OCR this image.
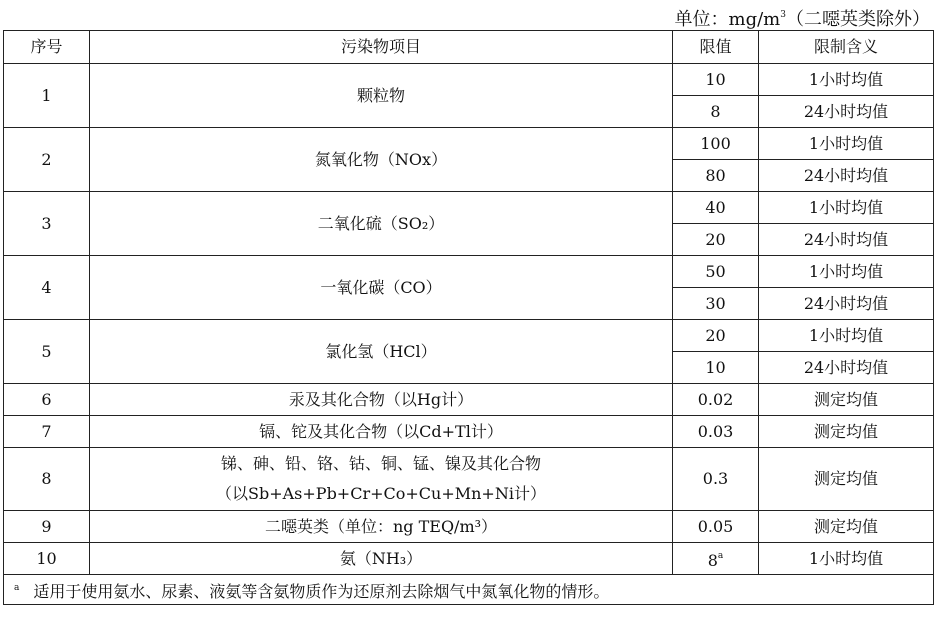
单位：$mg/m^3$（二噁英类除外）
序号	污染物项目	限值	限制含义
1	颗粒物	10	1小时均值
		8	24小时均值
2	氮氧化物（NOx）	100	1小时均值
		80	24小时均值
3	二氧化硫（SO₂）	40	1小时均值
		20	24小时均值
4	一氧化碳（CO）	50	1小时均值
		30	24小时均值
5	氯化氢（HCl）	20	1小时均值
		10	24小时均值
6	汞及其化合物（以Hg计）	0.02	测定均值
7	镉、铊及其化合物（以Cd+Tl计）	0.03	测定均值
8	锑、砷、铅、铬、钴、铜、锰、镍及其化合物
（以Sb+As+Pb+Cr+Co+Cu+Mn+Ni计）	0.3	测定均值
9	二噁英类（单位：ng TEQ/m³）	0.05	测定均值
10	氨（NH₃）	8$^a$	1小时均值
$^a$ 适用于使用氨水、尿素、液氨等含氨物质作为还原剂去除烟气中氮氧化物的情形。			
